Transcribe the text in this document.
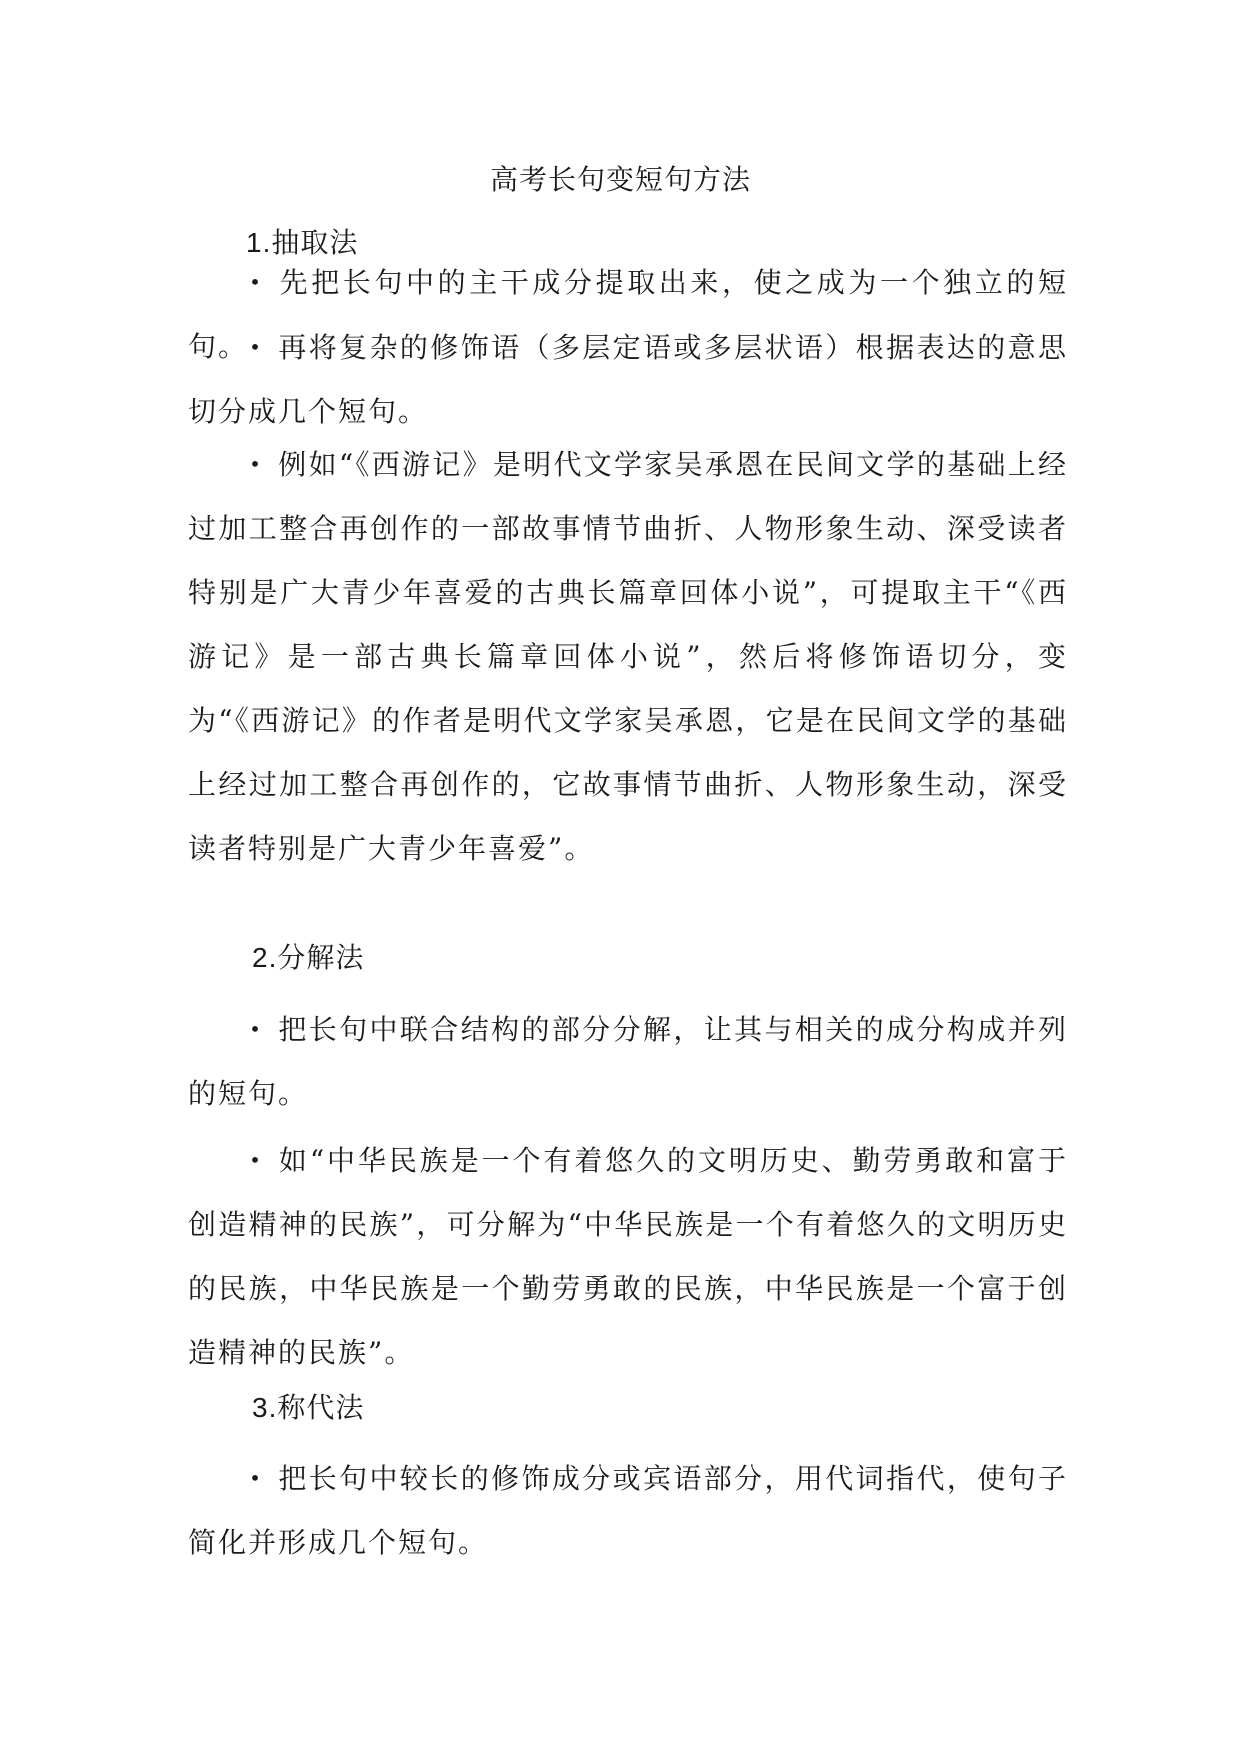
高考长句变短句方法
1.抽取法
• 先把长句中的主干成分提取出来，使之成为一个独立的短句。 • 再将复杂的修饰语（多层定语或多层状语）根据表达的意思切分成几个短句。
• 例如“《西游记》是明代文学家吴承恩在民间文学的基础上经过加工整合再创作的一部故事情节曲折、人物形象生动、深受读者特别是广大青少年喜爱的古典长篇章回体小说”，可提取主干“《西游记》是一部古典长篇章回体小说”，然后将修饰语切分，变为“《西游记》的作者是明代文学家吴承恩，它是在民间文学的基础上经过加工整合再创作的，它故事情节曲折、人物形象生动，深受读者特别是广大青少年喜爱”。
2.分解法
• 把长句中联合结构的部分分解，让其与相关的成分构成并列的短句。
• 如“中华民族是一个有着悠久的文明历史、勤劳勇敢和富于创造精神的民族”，可分解为“中华民族是一个有着悠久的文明历史的民族，中华民族是一个勤劳勇敢的民族，中华民族是一个富于创造精神的民族”。
3.称代法
• 把长句中较长的修饰成分或宾语部分，用代词指代，使句子简化并形成几个短句。
